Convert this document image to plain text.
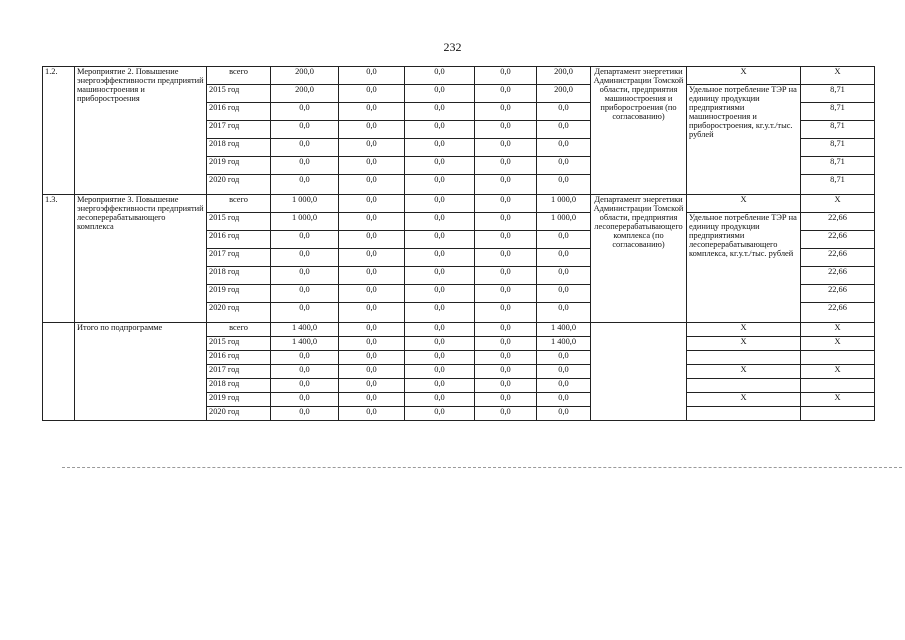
232
1.2.	Мероприятие 2. Повышение энергоэффективности предприятий машиностроения и приборостроения	всего	200,0	0,0	0,0	0,0	200,0	Департамент энергетики Администрации Томской области, предприятия машиностроения и приборостроения (по согласованию)	X	X
		2015 год	200,0	0,0	0,0	0,0	200,0		Удельное потребление ТЭР на единицу продукции предприятиями машиностроения и приборостроения, кг.у.т./тыс. рублей	8,71
		2016 год	0,0	0,0	0,0	0,0	0,0			8,71
		2017 год	0,0	0,0	0,0	0,0	0,0			8,71
		2018 год	0,0	0,0	0,0	0,0	0,0			8,71
		2019 год	0,0	0,0	0,0	0,0	0,0			8,71
		2020 год	0,0	0,0	0,0	0,0	0,0			8,71
1.3.	Мероприятие 3. Повышение энергоэффективности предприятий лесоперерабатывающего комплекса	всего	1 000,0	0,0	0,0	0,0	1 000,0	Департамент энергетики Администрации Томской области, предприятия лесоперерабатывающего комплекса (по согласованию)	X	X
		2015 год	1 000,0	0,0	0,0	0,0	1 000,0		Удельное потребление ТЭР на единицу продукции предприятиями лесоперерабатывающего комплекса, кг.у.т./тыс. рублей	22,66
		2016 год	0,0	0,0	0,0	0,0	0,0			22,66
		2017 год	0,0	0,0	0,0	0,0	0,0			22,66
		2018 год	0,0	0,0	0,0	0,0	0,0			22,66
		2019 год	0,0	0,0	0,0	0,0	0,0			22,66
		2020 год	0,0	0,0	0,0	0,0	0,0			22,66
	Итого по подпрограмме	всего	1 400,0	0,0	0,0	0,0	1 400,0		X	X
		2015 год	1 400,0	0,0	0,0	0,0	1 400,0		X	X
		2016 год	0,0	0,0	0,0	0,0	0,0			
		2017 год	0,0	0,0	0,0	0,0	0,0		X	X
		2018 год	0,0	0,0	0,0	0,0	0,0			
		2019 год	0,0	0,0	0,0	0,0	0,0		X	X
		2020 год	0,0	0,0	0,0	0,0	0,0			
